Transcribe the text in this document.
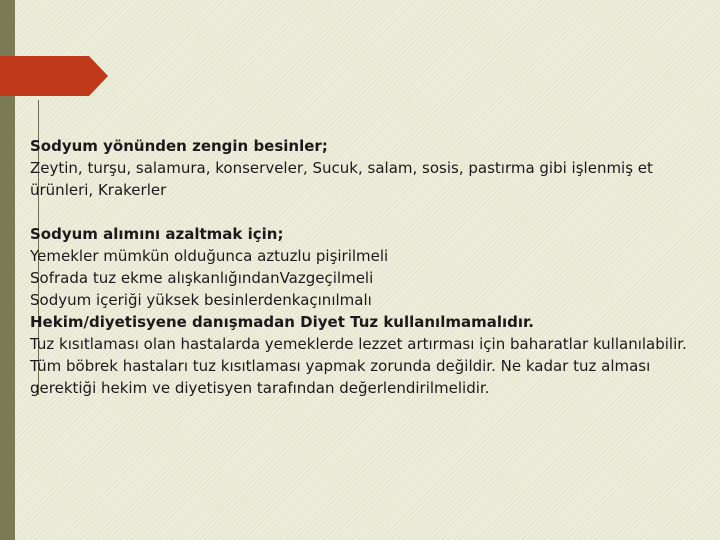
Sodyum yönünden zengin besinler;

Zeytin, turşu, salamura, konserveler, Sucuk, salam, sosis, pastırma gibi işlenmiş et

ürünleri, Krakerler

Sodyum alımını azaltmak için;

Yemekler mümkün olduğunca aztuzlu pişirilmeli

Sofrada tuz ekme alışkanlığındanVazgeçilmeli

Sodyum içeriği yüksek besinlerdenkaçınılmalı

Hekim/diyetisyene danışmadan Diyet Tuz kullanılmamalıdır.

Tuz kısıtlaması olan hastalarda yemeklerde lezzet artırması için baharatlar kullanılabilir.

Tüm böbrek hastaları tuz kısıtlaması yapmak zorunda değildir. Ne kadar tuz alması

gerektiği hekim ve diyetisyen tarafından değerlendirilmelidir.
